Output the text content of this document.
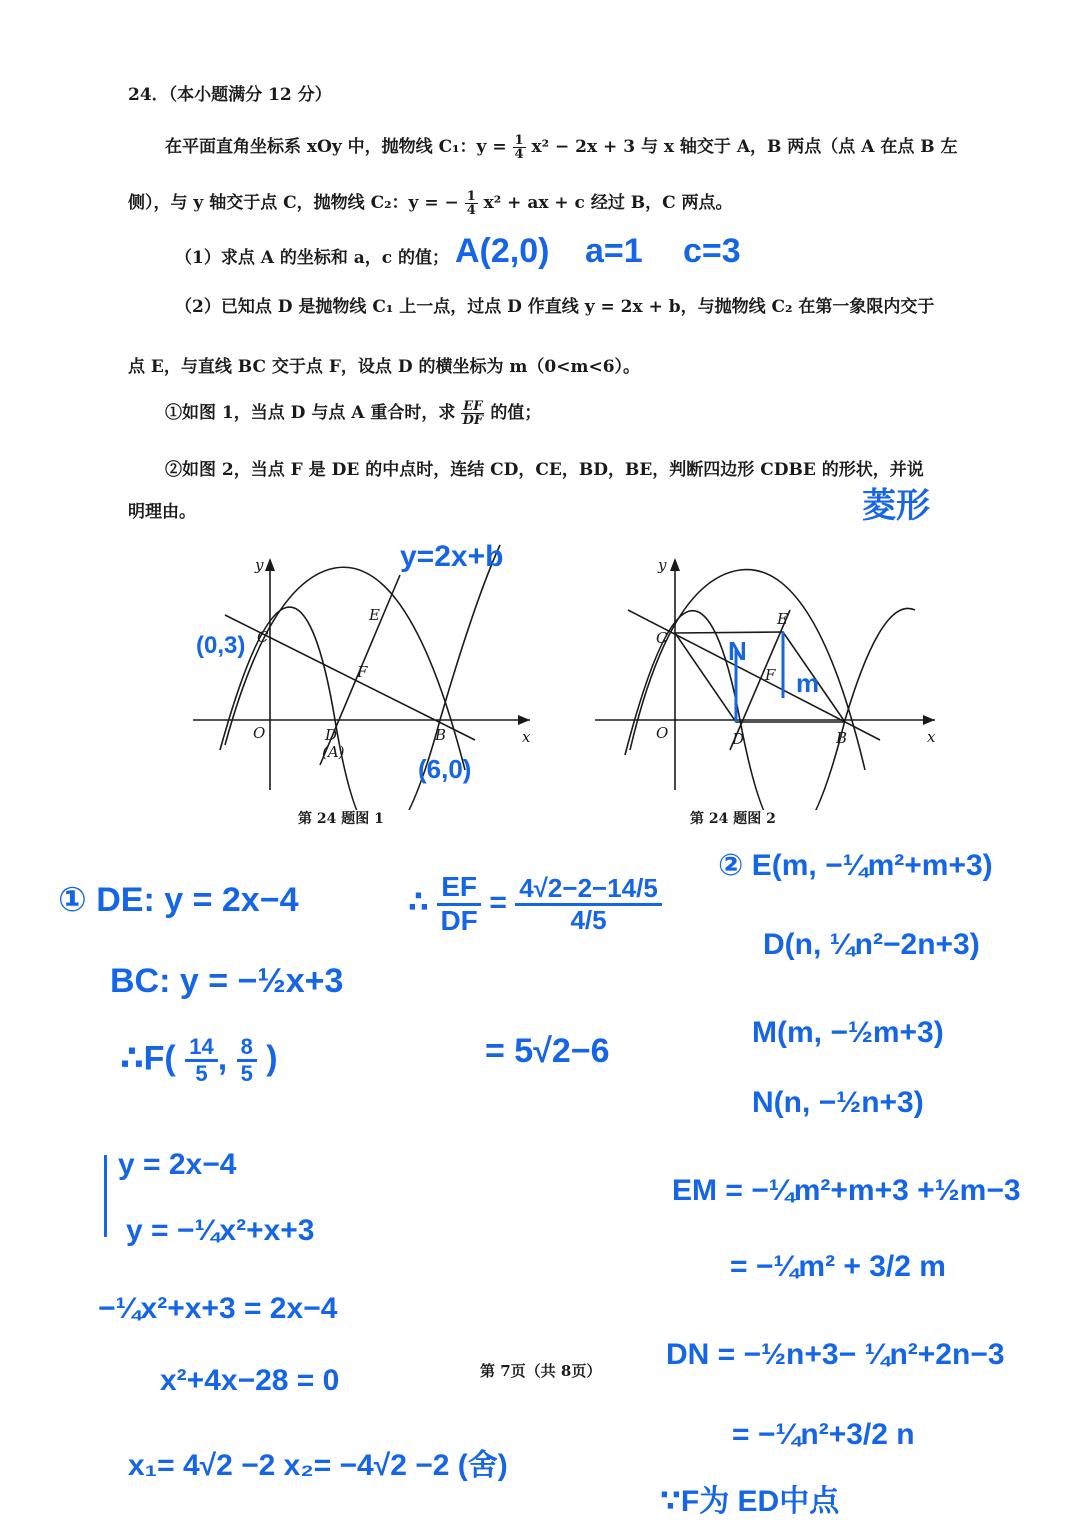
24．（本小题满分 12 分）
在平面直角坐标系 xOy 中，抛物线 C₁：$y = \frac{1}{4} x^2 - 2x + 3$ 与 x 轴交于 A，B 两点（点 A 在点 B 左
侧），与 y 轴交于点 C，抛物线 C₂：y = − $\frac{1}{4} x^2$ + ax + c 经过 B，C 两点。
（1）求点 A 的坐标和 a，c 的值；
（2）已知点 D 是抛物线 C₁ 上一点，过点 D 作直线 y = 2x + b，与抛物线 C₂ 在第一象限内交于
点 E，与直线 BC 交于点 F，设点 D 的横坐标为 m（0<m<6）。
①如图 1，当点 D 与点 A 重合时，求 $\frac{EF}{DF}$ 的值；
②如图 2，当点 F 是 DE 的中点时，连结 CD，CE，BD，BE，判断四边形 CDBE 的形状，并说
明理由。
A(2,0) a=1 c=3
菱形
y
x
O
C
D
(A)
E
F
B
y=2x+b
(0,3)
(6,0)
第 24 题图 1
y
x
O
C
D
E
F
B
N
m
第 24 题图 2
① DE: y = 2x−4
BC: y = −½x+3
∴F( $\frac{14}{5}$ , $\frac{8}{5}$ )
y = 2x−4
y = −¼x²+x+3
−¼x²+x+3 = 2x−4
x²+4x−28 = 0
x₁= 4√2 −2 x₂= −4√2 −2 (舍)
∴ $\frac{EF}{DF} = \frac{4√2-2-14/5}{4/5}$
= 5√2−6
第 7页（共 8页）
② E(m, −¼m²+m+3)
D(n, ¼n²−2n+3)
M(m, −½m+3)
N(n, −½n+3)
EM = −¼m²+m+3 +½m−3
= −¼m² + 3/2 m
DN = −½n+3− ¼n²+2n−3
= −¼n²+3/2 n
∵F为 ED中点
